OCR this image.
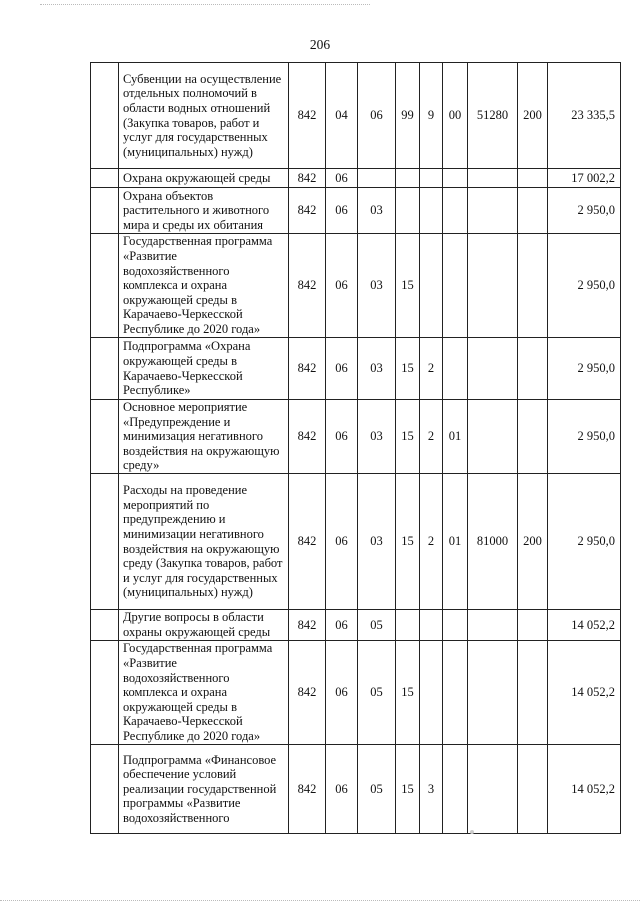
206
	Субвенции на осуществление отдельных полномочий в области водных отношений (Закупка товаров, работ и услуг для государственных (муниципальных) нужд)	842	04	06	99	9	00	51280	200	23 335,5
	Охрана окружающей среды	842	06							17 002,2
	Охрана объектов растительного и животного мира и среды их обитания	842	06	03						2 950,0
	Государственная программа «Развитие водохозяйственного комплекса и охрана окружающей среды в Карачаево-Черкесской Республике до 2020 года»	842	06	03	15					2 950,0
	Подпрограмма «Охрана окружающей среды в Карачаево-Черкесской Республике»	842	06	03	15	2				2 950,0
	Основное мероприятие «Предупреждение и минимизация негативного воздействия на окружающую среду»	842	06	03	15	2	01			2 950,0
	Расходы на проведение мероприятий по предупреждению и минимизации негативного воздействия на окружающую среду (Закупка товаров, работ и услуг для государственных (муниципальных) нужд)	842	06	03	15	2	01	81000	200	2 950,0
	Другие вопросы в области охраны окружающей среды	842	06	05						14 052,2
	Государственная программа «Развитие водохозяйственного комплекса и охрана окружающей среды в Карачаево-Черкесской Республике до 2020 года»	842	06	05	15					14 052,2
	Подпрограмма «Финансовое обеспечение условий реализации государственной программы «Развитие водохозяйственного	842	06	05	15	3				14 052,2
